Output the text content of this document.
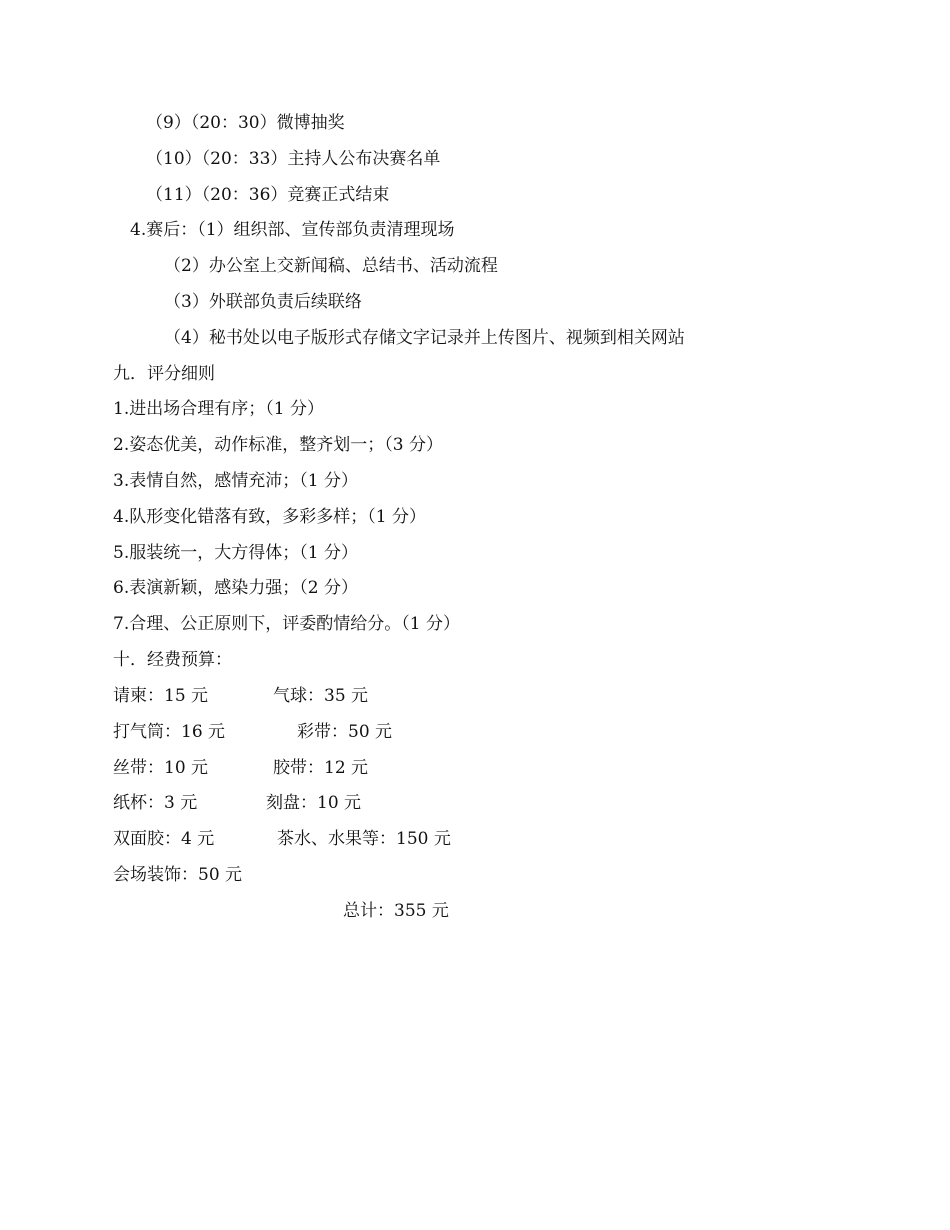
（9）（20：30）微博抽奖
（10）（20：33）主持人公布决赛名单
（11）（20：36）竞赛正式结束
4.赛后：（1）组织部、宣传部负责清理现场
（2）办公室上交新闻稿、总结书、活动流程
（3）外联部负责后续联络
（4）秘书处以电子版形式存储文字记录并上传图片、视频到相关网站
九．评分细则
1.进出场合理有序；（1 分）
2.姿态优美，动作标准，整齐划一；（3 分）
3.表情自然，感情充沛；（1 分）
4.队形变化错落有致，多彩多样；（1 分）
5.服装统一，大方得体；（1 分）
6.表演新颖，感染力强；（2 分）
7.合理、公正原则下，评委酌情给分。（1 分）
十．经费预算：
请柬：15 元	气球：35 元
打气筒：16 元	彩带：50 元
丝带：10 元	胶带：12 元
纸杯：3 元	刻盘：10 元
双面胶：4 元	茶水、水果等：150 元
会场装饰：50 元
总计：355 元
